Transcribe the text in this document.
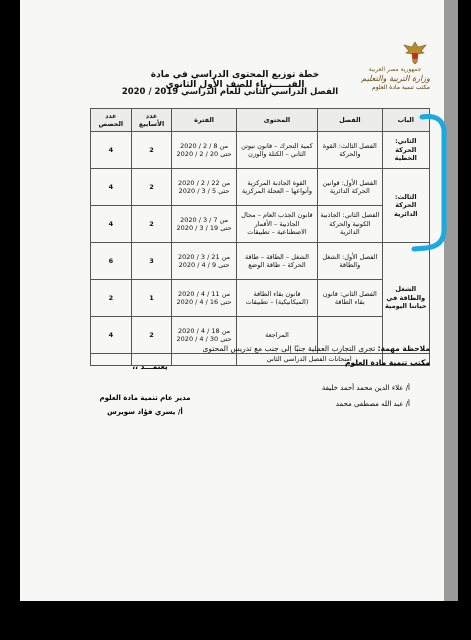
جمهورية مصر العربية
وزارة التربية والتعليم
مكتب تنمية مادة العلوم
خطة توزيع المحتوى الدراسي في مادة الفيـــــزياء للصف الأول الثانوي
الفصل الدراسي الثاني للعام الدراسي 2019 / 2020
الباب	الفصل	المحتوى	الفترة	عدد الأسابيع	عدد الحصص
الثاني: الحركة الخطية	الفصل الثالث: القوة والحركة	كمية التحرك – قانون نيوتن الثاني – الكتلة والوزن	من 8 / 2 / 2020
حتى 20 / 2 / 2020	2	4
الثالث: الحركة الدائرية	الفصل الأول: قوانين الحركة الدائرية	القوة الجاذبة المركزية وأنواعها – العجلة المركزية	من 22 / 2 / 2020
حتى 5 / 3 / 2020	2	4
	الفصل الثاني: الجاذبية الكونية والحركة الدائرية	قانون الجذب العام – مجال الجاذبية – الأقمار الاصطناعية – تطبيقات	من 7 / 3 / 2020
حتى 19 / 3 / 2020	2	4
الشغل والطاقة في حياتنا اليومية	الفصل الأول: الشغل والطاقة	الشغل – الطاقة – طاقة الحركة – طاقة الوضع	من 21 / 3 / 2020
حتى 9 / 4 / 2020	3	6
	الفصل الثاني: قانون بقاء الطاقة	قانون بقاء الطاقة (الميكانيكية) – تطبيقات	من 11 / 4 / 2020
حتى 16 / 4 / 2020	1	2
		المراجعة	من 18 / 4 / 2020
حتى 30 / 4 / 2020	2	4
	امتحانات الفصل الدراسي الثاني				
ملاحظة مهمة: تجرى التجارب العملية جنبًا إلى جنب مع تدريس المحتوى
مكتب تنمية مادة العلوم
يعتمـــد ،،
مدير عام تنمية مادة العلوم
أ/ يسري فؤاد سويرس
أ/ علاء الدين محمد أحمد خليفة
أ/ عبد الله مصطفى محمد
